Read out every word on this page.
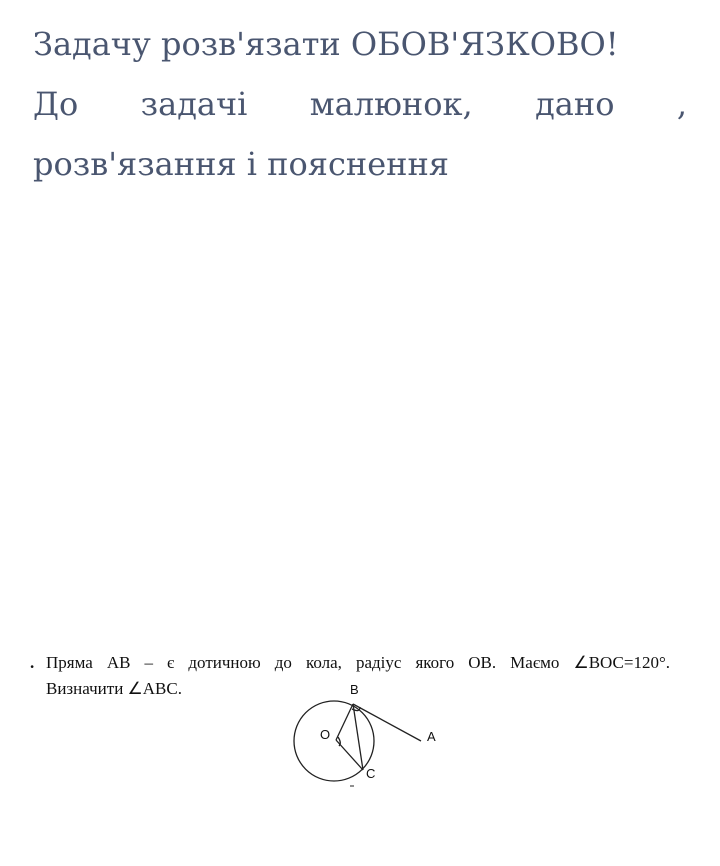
Задачу розв'язати ОБОВ'ЯЗКОВО!
До задачі малюнок, дано ,
розв'язання і пояснення
. Пряма АВ – є дотичною до кола, радіус якого ОВ. Маємо ∠ВОС=120°.
Визначити ∠АВС.	B
O	A
C
